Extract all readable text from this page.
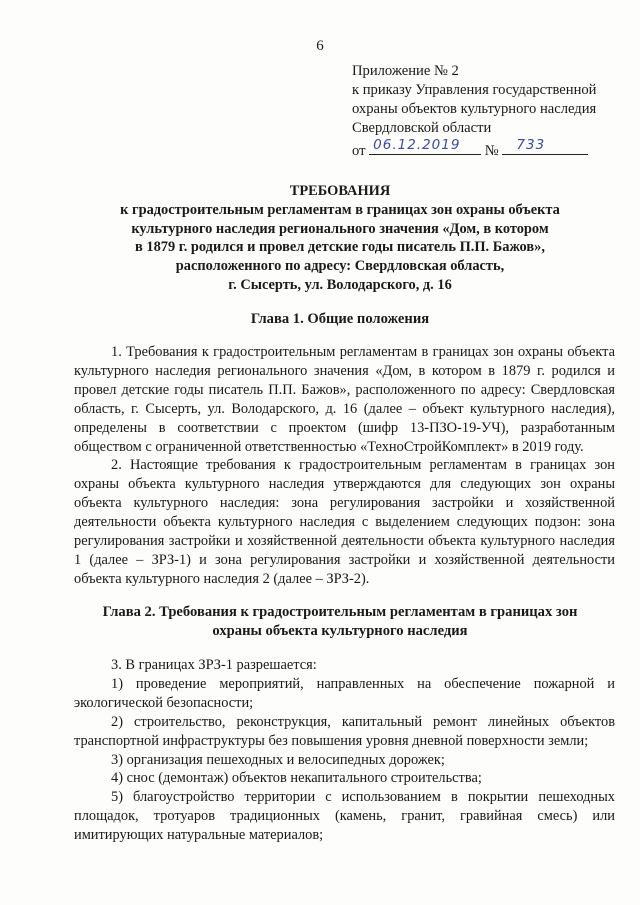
6
Приложение № 2
к приказу Управления государственной
охраны объектов культурного наследия
Свердловской области
от 06.12.2019 № 733
ТРЕБОВАНИЯ
к градостроительным регламентам в границах зон охраны объекта
культурного наследия регионального значения «Дом, в котором
в 1879 г. родился и провел детские годы писатель П.П. Бажов»,
расположенного по адресу: Свердловская область,
г. Сысерть, ул. Володарского, д. 16
Глава 1. Общие положения

1. Требования к градостроительным регламентам в границах зон охраны объекта культурного наследия регионального значения «Дом, в котором в 1879 г. родился и провел детские годы писатель П.П. Бажов», расположенного по адресу: Свердловская область, г. Сысерть, ул. Володарского, д. 16 (далее – объект культурного наследия), определены в соответствии с проектом (шифр 13-ПЗО-19-УЧ), разработанным обществом с ограниченной ответственностью «ТехноСтройКомплект» в 2019 году.

2. Настоящие требования к градостроительным регламентам в границах зон охраны объекта культурного наследия утверждаются для следующих зон охраны объекта культурного наследия: зона регулирования застройки и хозяйственной деятельности объекта культурного наследия с выделением следующих подзон: зона регулирования застройки и хозяйственной деятельности объекта культурного наследия 1 (далее – ЗРЗ-1) и зона регулирования застройки и хозяйственной деятельности объекта культурного наследия 2 (далее – ЗРЗ-2).

Глава 2. Требования к градостроительным регламентам в границах зон
охраны объекта культурного наследия

3. В границах ЗРЗ-1 разрешается:

1) проведение мероприятий, направленных на обеспечение пожарной и экологической безопасности;

2) строительство, реконструкция, капитальный ремонт линейных объектов транспортной инфраструктуры без повышения уровня дневной поверхности земли;

3) организация пешеходных и велосипедных дорожек;

4) снос (демонтаж) объектов некапитального строительства;

5) благоустройство территории с использованием в покрытии пешеходных площадок, тротуаров традиционных (камень, гранит, гравийная смесь) или имитирующих натуральные материалов;
